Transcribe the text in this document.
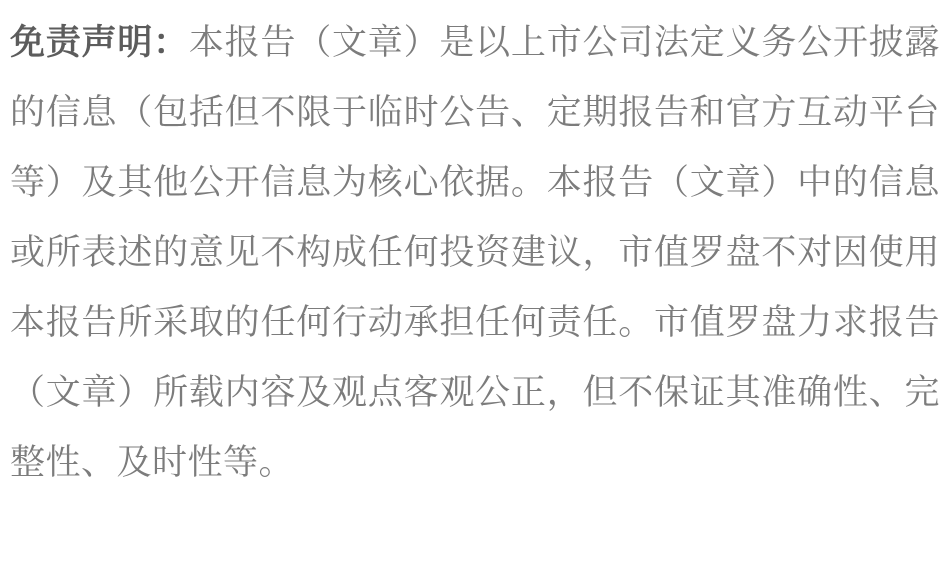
免责声明：本报告（文章）是以上市公司法定义务公开披露的信息（包括但不限于临时公告、定期报告和官方互动平台等）及其他公开信息为核心依据。本报告（文章）中的信息或所表述的意见不构成任何投资建议，市值罗盘不对因使用本报告所采取的任何行动承担任何责任。市值罗盘力求报告（文章）所载内容及观点客观公正，但不保证其准确性、完整性、及时性等。
